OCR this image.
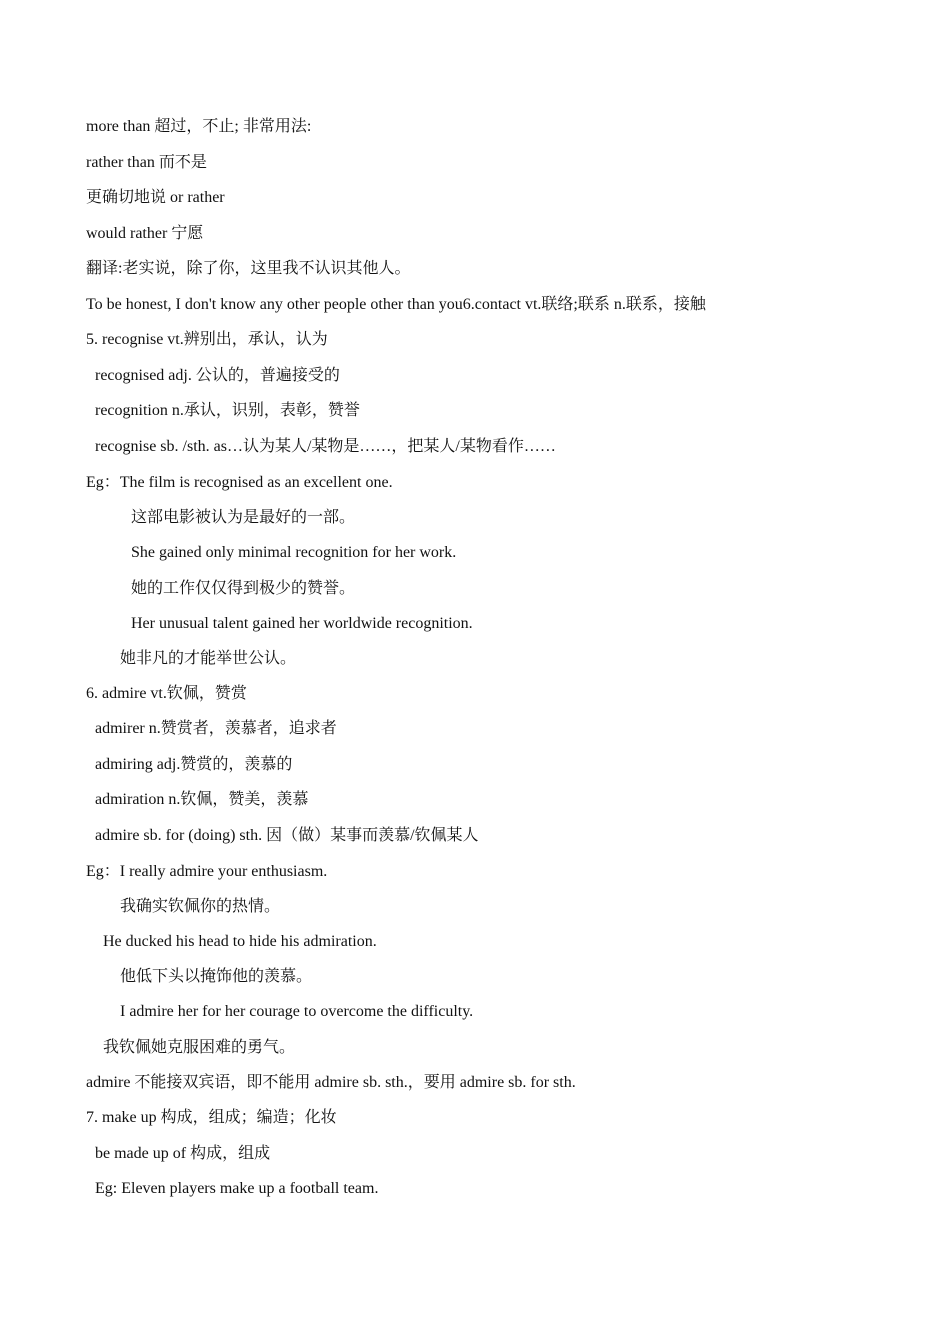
more than 超过，不止; 非常用法:
rather than 而不是
更确切地说 or rather
would rather 宁愿
翻译:老实说，除了你，这里我不认识其他人。
To be honest, I don't know any other people other than you6.contact vt.联络;联系 n.联系，接触
5. recognise vt.辨别出，承认，认为
recognised adj. 公认的，普遍接受的
recognition n.承认，识别，表彰，赞誉
recognise sb. /sth. as…认为某人/某物是……，把某人/某物看作……
Eg：The film is recognised as an excellent one.
这部电影被认为是最好的一部。
She gained only minimal recognition for her work.
她的工作仅仅得到极少的赞誉。
Her unusual talent gained her worldwide recognition.
她非凡的才能举世公认。
6. admire vt.钦佩，赞赏
admirer n.赞赏者，羡慕者，追求者
admiring adj.赞赏的，羡慕的
admiration n.钦佩，赞美，羡慕
admire sb. for (doing) sth. 因（做）某事而羡慕/钦佩某人
Eg：I really admire your enthusiasm.
我确实钦佩你的热情。
He ducked his head to hide his admiration.
他低下头以掩饰他的羡慕。
I admire her for her courage to overcome the difficulty.
我钦佩她克服困难的勇气。
admire 不能接双宾语，即不能用 admire sb. sth.，要用 admire sb. for sth.
7. make up 构成，组成；编造；化妆
be made up of 构成，组成
Eg: Eleven players make up a football team.
